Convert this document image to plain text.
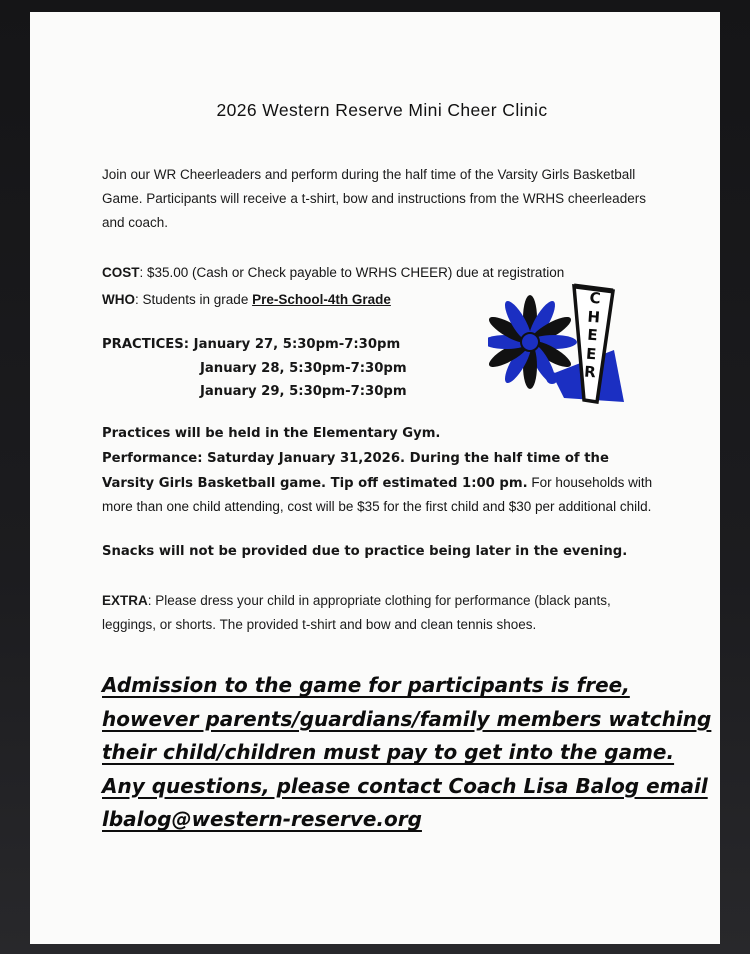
2026 Western Reserve Mini Cheer Clinic

Join our WR Cheerleaders and perform during the half time of the Varsity Girls Basketball Game. Participants will receive a t-shirt, bow and instructions from the WRHS cheerleaders and coach.

COST: $35.00 (Cash or Check payable to WRHS CHEER) due at registration

WHO: Students in grade Pre-School-4th Grade

PRACTICES: January 27, 5:30pm-7:30pm

January 28, 5:30pm-7:30pm

January 29, 5:30pm-7:30pm

Practices will be held in the Elementary Gym.

Performance: Saturday January 31,2026. During the half time of the Varsity Girls Basketball game. Tip off estimated 1:00 pm. For households with more than one child attending, cost will be $35 for the first child and $30 per additional child.

Snacks will not be provided due to practice being later in the evening.

EXTRA: Please dress your child in appropriate clothing for performance (black pants, leggings, or shorts. The provided t-shirt and bow and clean tennis shoes.

Admission to the game for participants is free,
however parents/guardians/family members watching
their child/children must pay to get into the game.
Any questions, please contact Coach Lisa Balog email
lbalog@western-reserve.org
CHEER
